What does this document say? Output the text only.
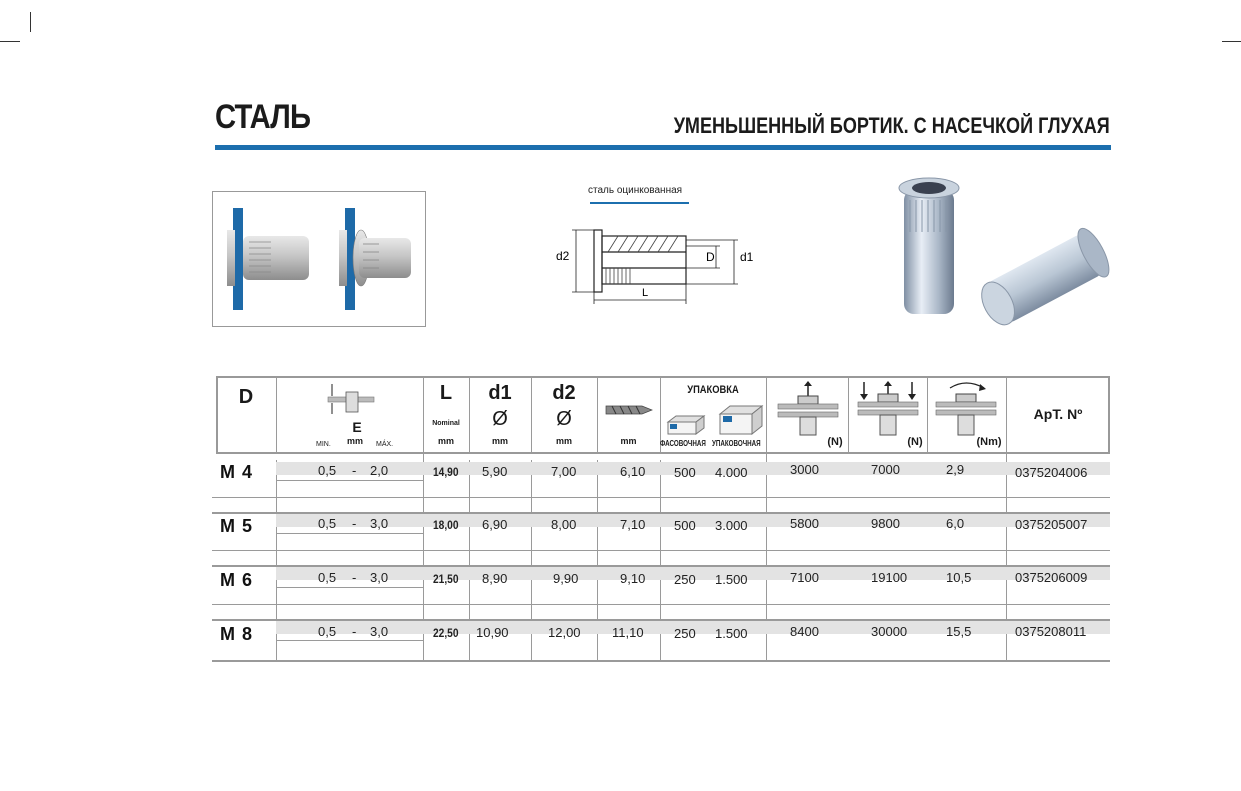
СТАЛЬ	УМЕНЬШЕННЫЙ БОРТИК. С НАСЕЧКОЙ ГЛУХАЯ
сталь оцинкованная
d2	D d1
L
D
E
mm
MIN.	MÁX.
L
Nominal
mm
d1
Ø
mm
d2
Ø
mm	mm
УПАКОВКА
ФАСОВОЧНАЯ УПАКОВОЧНАЯ	(N)	(N)	(Nm)
АрТ. Nº
M 4	0,5 - 2,0	14,90 5,90	7,00	6,10 500 4.000	3000	7000	2,9	0375204006
M 5	0,5 - 3,0	18,00 6,90	8,00	7,10 500 3.000	5800	9800	6,0	0375205007
M 6	0,5 - 3,0	21,50 8,90	9,90	9,10 250 1.500	7100	19100	10,5	0375206009
M 8	0,5 - 3,0	22,50 10,90	12,00 11,10 250 1.500	8400	30000	15,5	0375208011
